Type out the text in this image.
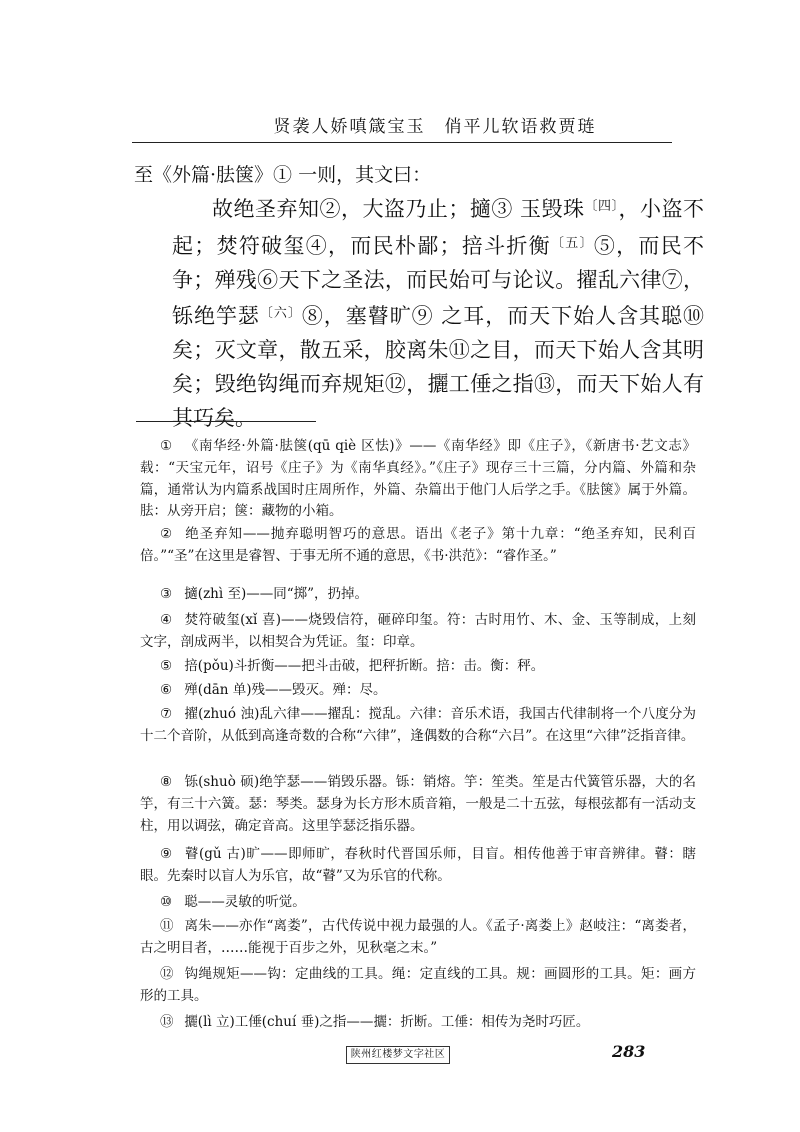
贤袭人娇嗔箴宝玉　俏平儿软语救贾琏
至《外篇·胠箧》① 一则，其文曰：
故绝圣弃知②，大盗乃止；擿③ 玉毁珠$^{〔四〕}$，小盗不起；焚符破玺④，而民朴鄙；掊斗折衡$^{〔五〕}$⑤，而民不争；殚残⑥天下之圣法，而民始可与论议。擢乱六律⑦，铄绝竽瑟$^{〔六〕}$⑧，塞瞽旷⑨ 之耳，而天下始人含其聪⑩ 矣；灭文章，散五采，胶离朱⑪之目，而天下始人含其明矣；毁绝钩绳而弃规矩⑫，攦工倕之指⑬，而天下始人有其巧矣。
① 《南华经·外篇·胠箧(qū qiè 区怯)》——《南华经》即《庄子》，《新唐书·艺文志》载：“天宝元年，诏号《庄子》为《南华真经》。”《庄子》现存三十三篇，分内篇、外篇和杂篇，通常认为内篇系战国时庄周所作，外篇、杂篇出于他门人后学之手。《胠箧》属于外篇。胠：从旁开启；箧：藏物的小箱。
② 绝圣弃知——抛弃聪明智巧的意思。语出《老子》第十九章：“绝圣弃知，民利百倍。”“圣”在这里是睿智、于事无所不通的意思，《书·洪范》：“睿作圣。”
③ 擿(zhì 至)——同“掷”，扔掉。
④ 焚符破玺(xǐ 喜)——烧毁信符，砸碎印玺。符：古时用竹、木、金、玉等制成，上刻文字，剖成两半，以相契合为凭证。玺：印章。
⑤ 掊(pǒu)斗折衡——把斗击破，把秤折断。掊：击。衡：秤。
⑥ 殚(dān 单)残——毁灭。殚：尽。
⑦ 擢(zhuó 浊)乱六律——擢乱：搅乱。六律：音乐术语，我国古代律制将一个八度分为十二个音阶，从低到高逢奇数的合称“六律”，逢偶数的合称“六吕”。在这里“六律”泛指音律。
⑧ 铄(shuò 硕)绝竽瑟——销毁乐器。铄：销熔。竽：笙类。笙是古代簧管乐器，大的名竽，有三十六簧。瑟：琴类。瑟身为长方形木质音箱，一般是二十五弦，每根弦都有一活动支柱，用以调弦，确定音高。这里竽瑟泛指乐器。
⑨ 瞽(gǔ 古)旷——即师旷，春秋时代晋国乐师，目盲。相传他善于审音辨律。瞽：瞎眼。先秦时以盲人为乐官，故“瞽”又为乐官的代称。
⑩ 聪——灵敏的听觉。
⑪ 离朱——亦作“离娄”，古代传说中视力最强的人。《孟子·离娄上》赵岐注：“离娄者，古之明目者，……能视于百步之外，见秋毫之末。”
⑫ 钩绳规矩——钩：定曲线的工具。绳：定直线的工具。规：画圆形的工具。矩：画方形的工具。
⑬ 攦(lì 立)工倕(chuí 垂)之指——攦：折断。工倕：相传为尧时巧匠。
陕州红楼梦文字社区	283
